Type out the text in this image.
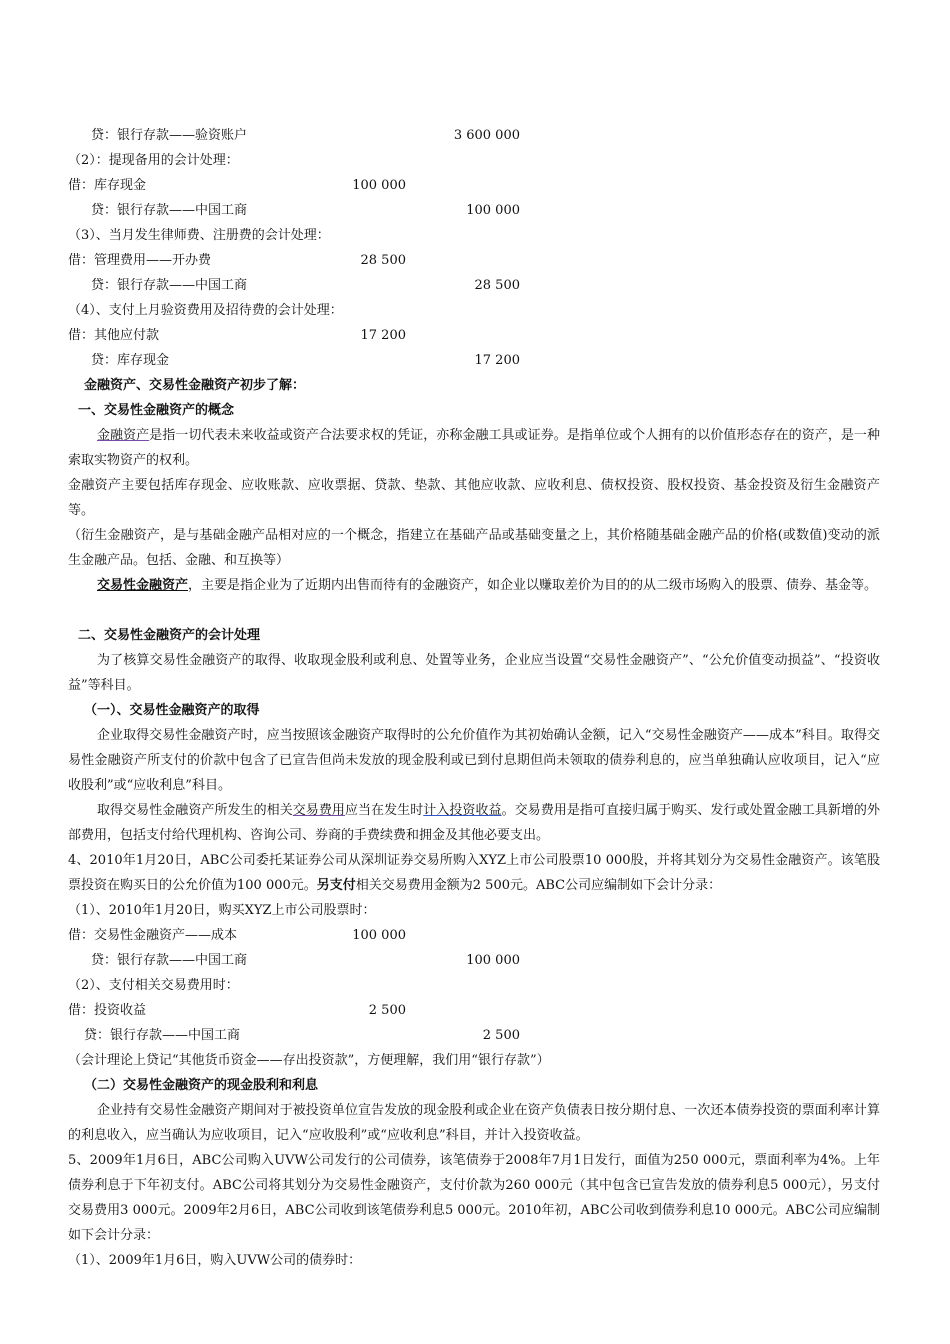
贷：银行存款——验资账户	3 600 000
（2）：提现备用的会计处理：
借：库存现金	100 000
贷：银行存款——中国工商	100 000
（3）、当月发生律师费、注册费的会计处理：
借：管理费用——开办费	28 500
贷：银行存款——中国工商	28 500
（4）、支付上月验资费用及招待费的会计处理：
借：其他应付款	17 200
贷：库存现金	17 200
金融资产、交易性金融资产初步了解：
一、交易性金融资产的概念
金融资产是指一切代表未来收益或资产合法要求权的凭证，亦称金融工具或证券。是指单位或个人拥有的以价值形态存在的资产，是一种索取实物资产的权利。
金融资产主要包括库存现金、应收账款、应收票据、贷款、垫款、其他应收款、应收利息、债权投资、股权投资、基金投资及衍生金融资产等。
（衍生金融资产，是与基础金融产品相对应的一个概念，指建立在基础产品或基础变量之上，其价格随基础金融产品的价格(或数值)变动的派生金融产品。包括、金融、和互换等）
交易性金融资产，主要是指企业为了近期内出售而待有的金融资产，如企业以赚取差价为目的的从二级市场购入的股票、债券、基金等。
二、交易性金融资产的会计处理
为了核算交易性金融资产的取得、收取现金股利或利息、处置等业务，企业应当设置“交易性金融资产”、“公允价值变动损益”、“投资收益”等科目。
（一）、交易性金融资产的取得
企业取得交易性金融资产时，应当按照该金融资产取得时的公允价值作为其初始确认金额，记入“交易性金融资产——成本”科目。取得交易性金融资产所支付的价款中包含了已宣告但尚未发放的现金股利或已到付息期但尚未领取的债券利息的，应当单独确认应收项目，记入“应收股利”或“应收利息”科目。
取得交易性金融资产所发生的相关交易费用应当在发生时计入投资收益。交易费用是指可直接归属于购买、发行或处置金融工具新增的外部费用，包括支付给代理机构、咨询公司、券商的手费续费和拥金及其他必要支出。
4、2010年1月20日，ABC公司委托某证券公司从深圳证券交易所购入XYZ上市公司股票10 000股，并将其划分为交易性金融资产。该笔股票投资在购买日的公允价值为100 000元。另支付相关交易费用金额为2 500元。ABC公司应编制如下会计分录：
（1）、2010年1月20日，购买XYZ上市公司股票时：
借：交易性金融资产——成本	100 000
贷：银行存款——中国工商	100 000
（2）、支付相关交易费用时：
借：投资收益	2 500
贷：银行存款——中国工商	2 500
（会计理论上贷记“其他货币资金——存出投资款”，方便理解，我们用“银行存款”）
（二）交易性金融资产的现金股利和利息
企业持有交易性金融资产期间对于被投资单位宣告发放的现金股利或企业在资产负债表日按分期付息、一次还本债券投资的票面利率计算的利息收入，应当确认为应收项目，记入“应收股利”或“应收利息”科目，并计入投资收益。
5、2009年1月6日，ABC公司购入UVW公司发行的公司债券，该笔债券于2008年7月1日发行，面值为250 000元，票面利率为4%。上年债券利息于下年初支付。ABC公司将其划分为交易性金融资产，支付价款为260 000元（其中包含已宣告发放的债券利息5 000元），另支付交易费用3 000元。2009年2月6日，ABC公司收到该笔债券利息5 000元。2010年初，ABC公司收到债券利息10 000元。ABC公司应编制如下会计分录：
（1）、2009年1月6日，购入UVW公司的债券时：
